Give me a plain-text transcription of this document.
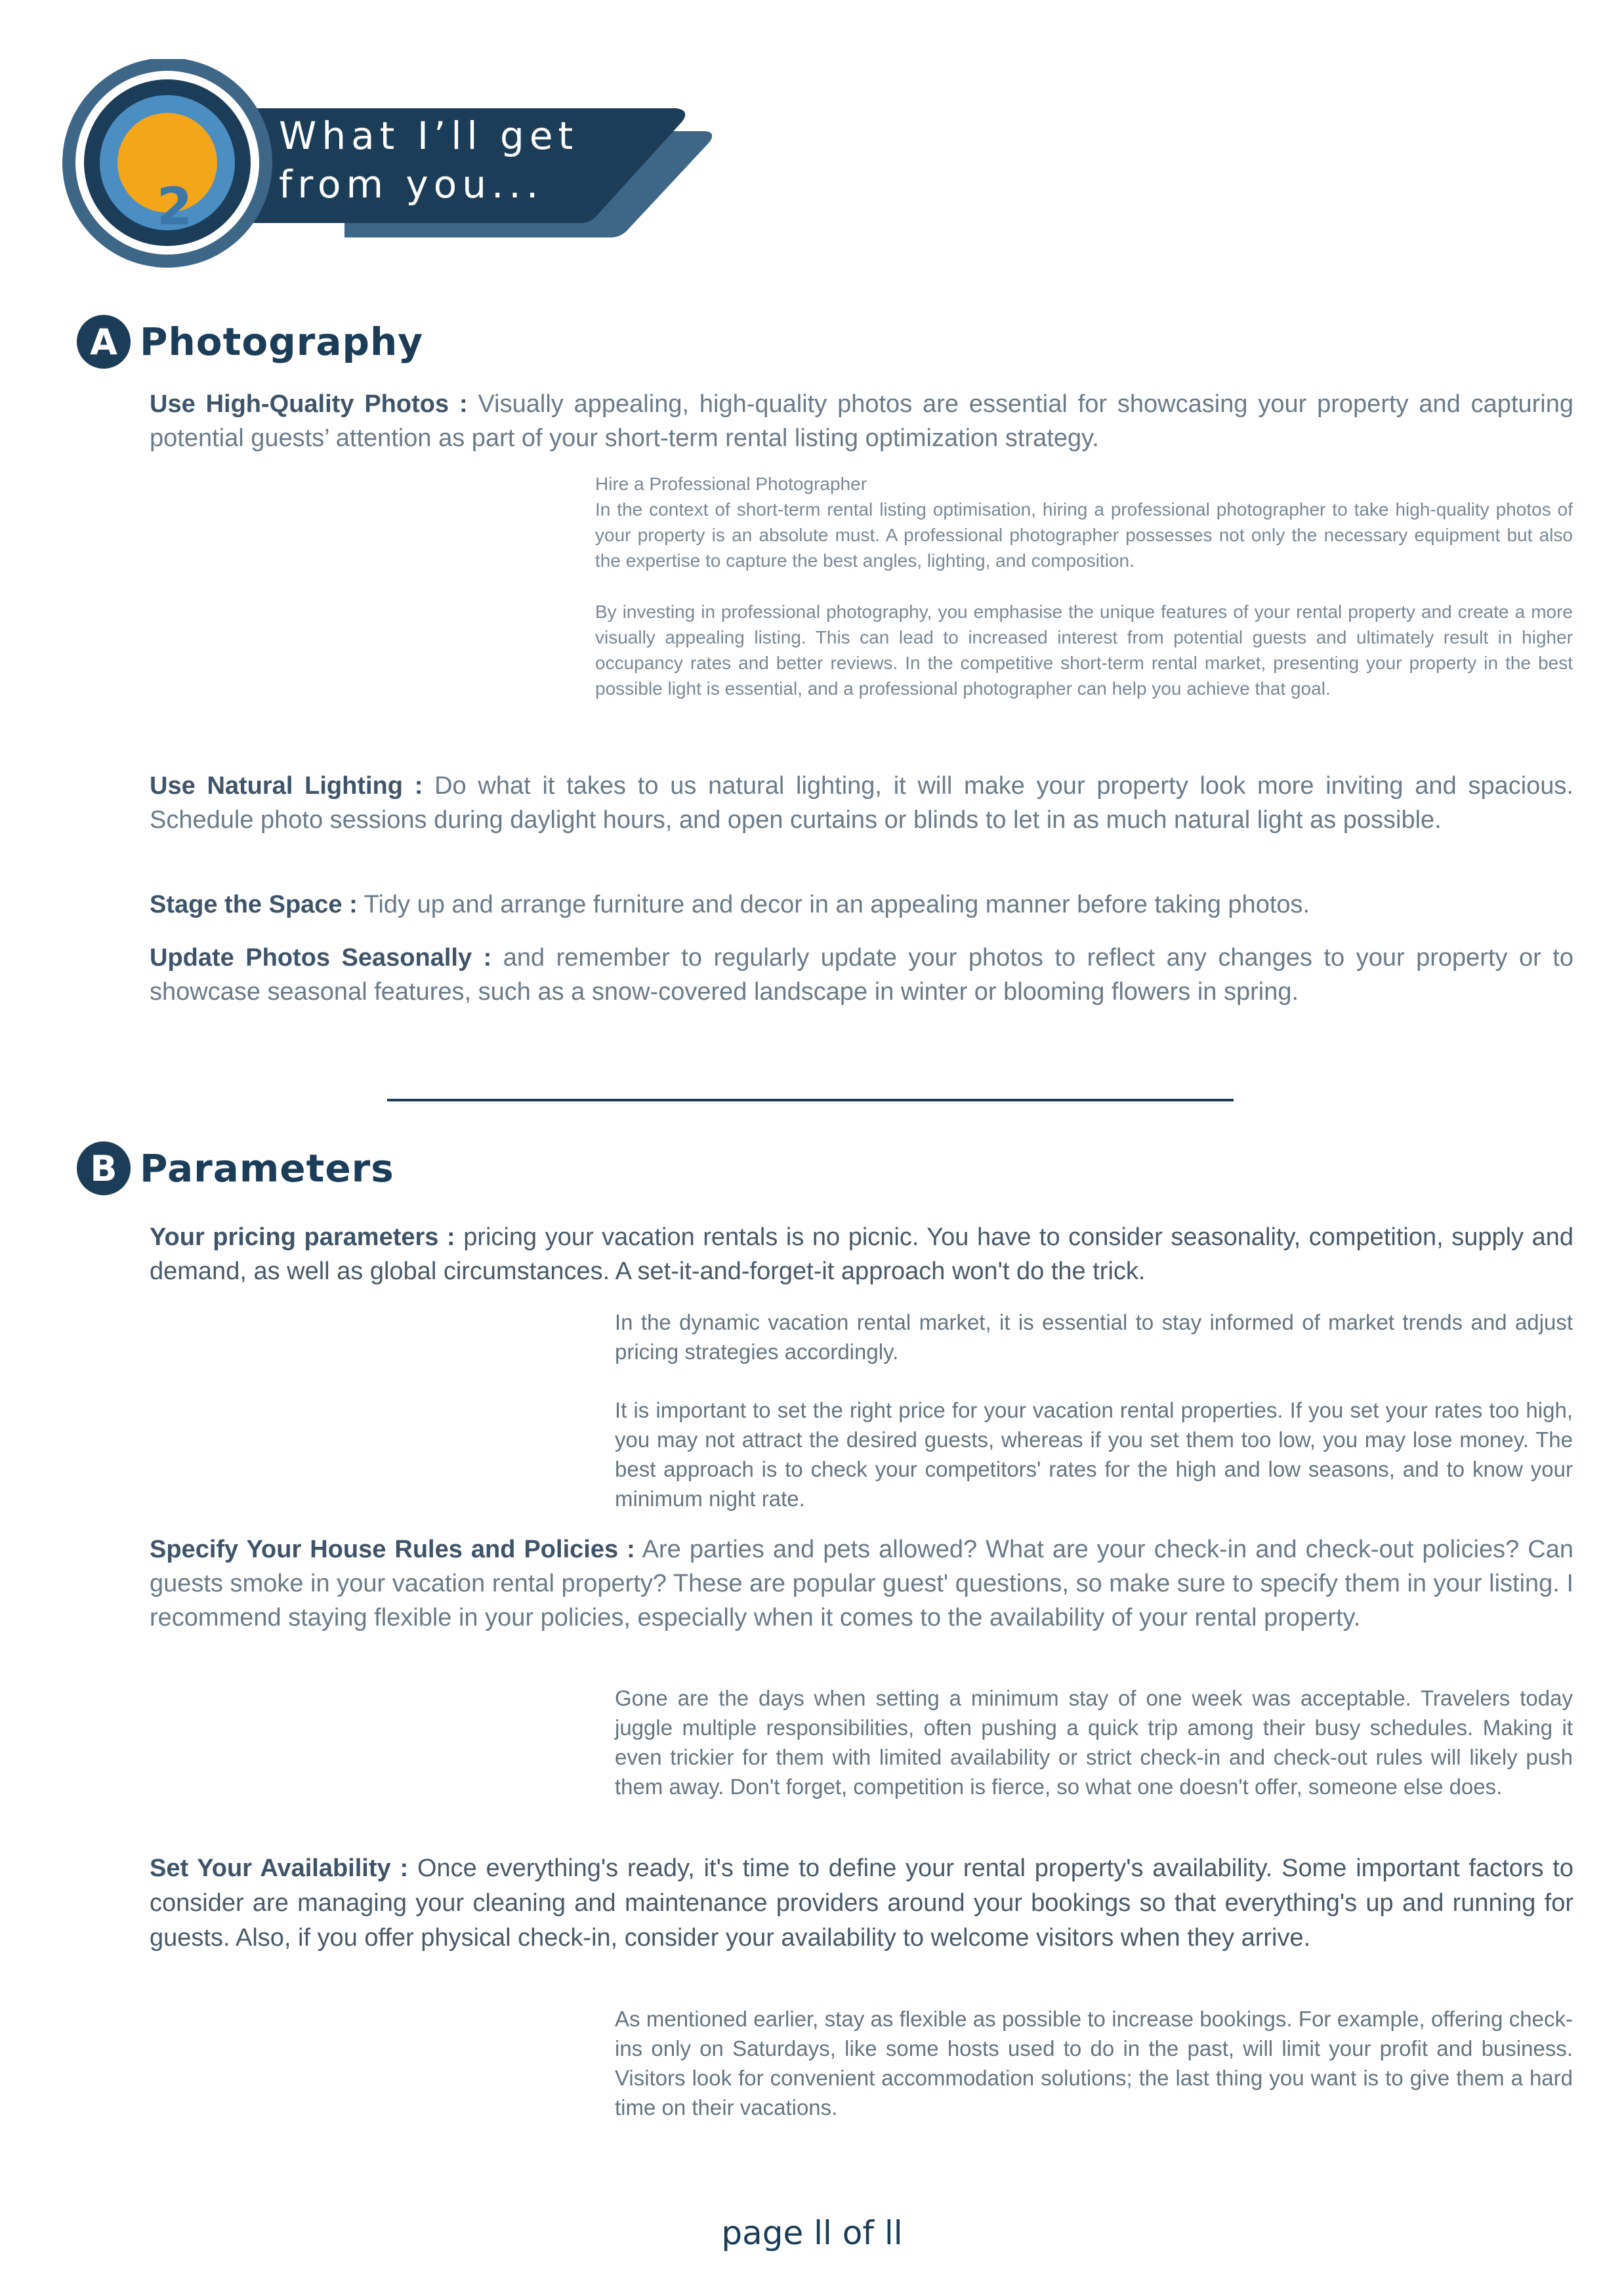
2
What I’ll get
from you...
A Photography
Use High-Quality Photos : Visually appealing, high-quality photos are essential for showcasing your property and capturing potential guests’ attention as part of your short-term rental listing optimization strategy.

Hire a Professional Photographer
In the context of short-term rental listing optimisation, hiring a professional photographer to take high-quality photos of your property is an absolute must. A professional photographer possesses not only the necessary equipment but also the expertise to capture the best angles, lighting, and composition.

By investing in professional photography, you emphasise the unique features of your rental property and create a more visually appealing listing. This can lead to increased interest from potential guests and ultimately result in higher occupancy rates and better reviews. In the competitive short-term rental market, presenting your property in the best possible light is essential, and a professional photographer can help you achieve that goal.

Use Natural Lighting : Do what it takes to us natural lighting, it will make your property look more inviting and spacious. Schedule photo sessions during daylight hours, and open curtains or blinds to let in as much natural light as possible.
Stage the Space : Tidy up and arrange furniture and decor in an appealing manner before taking photos.
Update Photos Seasonally : and remember to regularly update your photos to reflect any changes to your property or to showcase seasonal features, such as a snow-covered landscape in winter or blooming flowers in spring.
B Parameters
Your pricing parameters : pricing your vacation rentals is no picnic. You have to consider seasonality, competition, supply and demand, as well as global circumstances. A set-it-and-forget-it approach won't do the trick.

In the dynamic vacation rental market, it is essential to stay informed of market trends and adjust pricing strategies accordingly.

It is important to set the right price for your vacation rental properties. If you set your rates too high, you may not attract the desired guests, whereas if you set them too low, you may lose money. The best approach is to check your competitors' rates for the high and low seasons, and to know your minimum night rate.

Specify Your House Rules and Policies : Are parties and pets allowed? What are your check-in and check-out policies? Can guests smoke in your vacation rental property? These are popular guest' questions, so make sure to specify them in your listing. I recommend staying flexible in your policies, especially when it comes to the availability of your rental property.

Gone are the days when setting a minimum stay of one week was acceptable. Travelers today juggle multiple responsibilities, often pushing a quick trip among their busy schedules. Making it even trickier for them with limited availability or strict check-in and check-out rules will likely push them away. Don't forget, competition is fierce, so what one doesn't offer, someone else does.

Set Your Availability : Once everything's ready, it's time to define your rental property's availability. Some important factors to consider are managing your cleaning and maintenance providers around your bookings so that everything's up and running for guests. Also, if you offer physical check-in, consider your availability to welcome visitors when they arrive.

As mentioned earlier, stay as flexible as possible to increase bookings. For example, offering check-ins only on Saturdays, like some hosts used to do in the past, will limit your profit and business. Visitors look for convenient accommodation solutions; the last thing you want is to give them a hard time on their vacations.

page ll of ll
